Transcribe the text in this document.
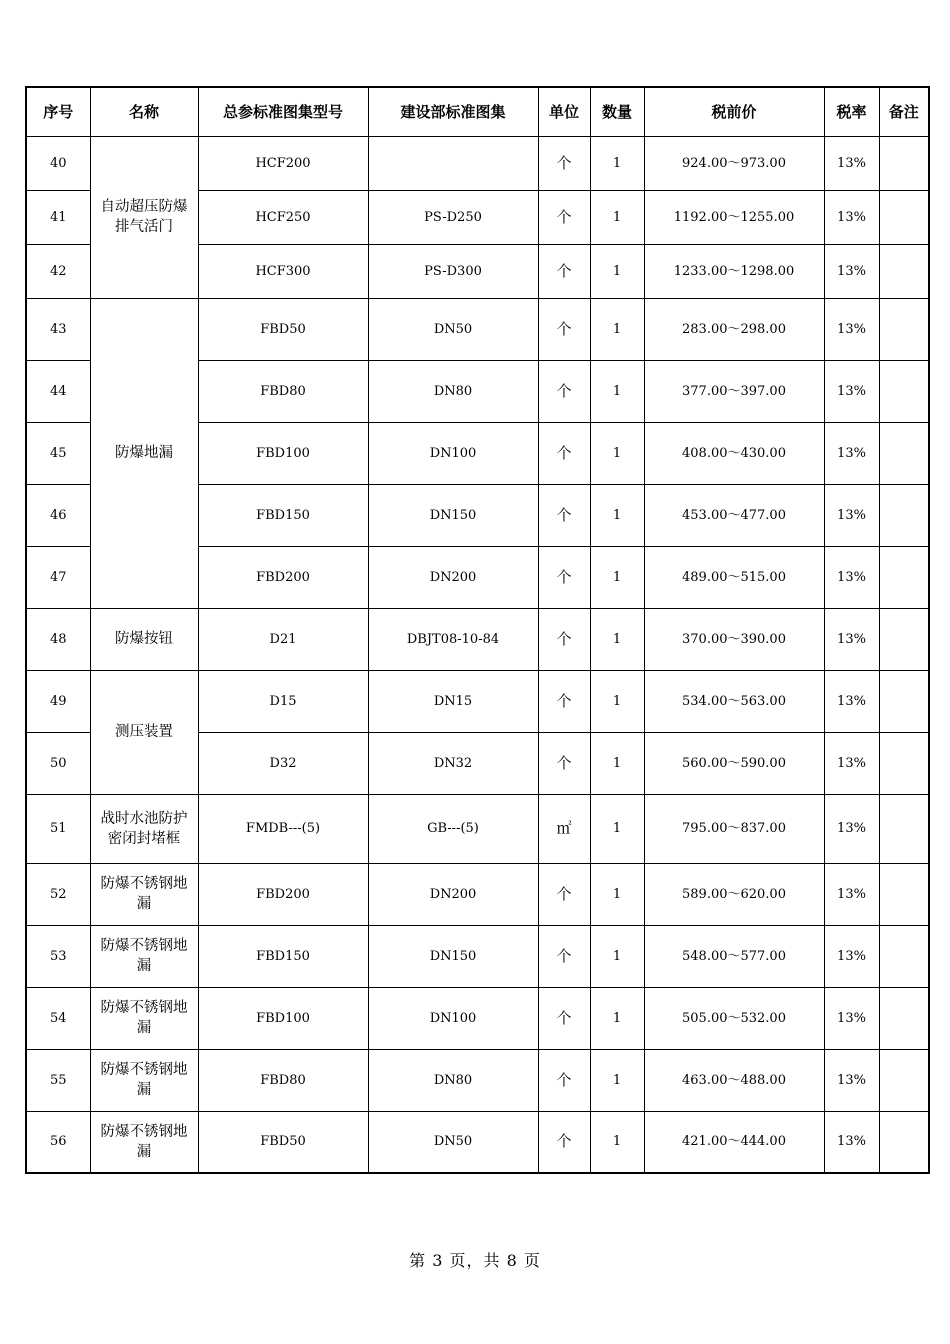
序号	名称	总参标准图集型号	建设部标准图集	单位	数量	税前价	税率	备注
40	自动超压防爆排气活门	HCF200		个	1	924.00～973.00	13%	
41		HCF250	PS-D250	个	1	1192.00～1255.00	13%	
42		HCF300	PS-D300	个	1	1233.00～1298.00	13%	
43	防爆地漏	FBD50	DN50	个	1	283.00～298.00	13%	
44		FBD80	DN80	个	1	377.00～397.00	13%	
45		FBD100	DN100	个	1	408.00～430.00	13%	
46		FBD150	DN150	个	1	453.00～477.00	13%	
47		FBD200	DN200	个	1	489.00～515.00	13%	
48	防爆按钮	D21	DBJT08-10-84	个	1	370.00～390.00	13%	
49	测压装置	D15	DN15	个	1	534.00～563.00	13%	
50		D32	DN32	个	1	560.00～590.00	13%	
51	战时水池防护密闭封堵框	FMDB---(5)	GB---(5)	㎡	1	795.00～837.00	13%	
52	防爆不锈钢地漏	FBD200	DN200	个	1	589.00～620.00	13%	
53	防爆不锈钢地漏	FBD150	DN150	个	1	548.00～577.00	13%	
54	防爆不锈钢地漏	FBD100	DN100	个	1	505.00～532.00	13%	
55	防爆不锈钢地漏	FBD80	DN80	个	1	463.00～488.00	13%	
56	防爆不锈钢地漏	FBD50	DN50	个	1	421.00～444.00	13%	
第 3 页，共 8 页
